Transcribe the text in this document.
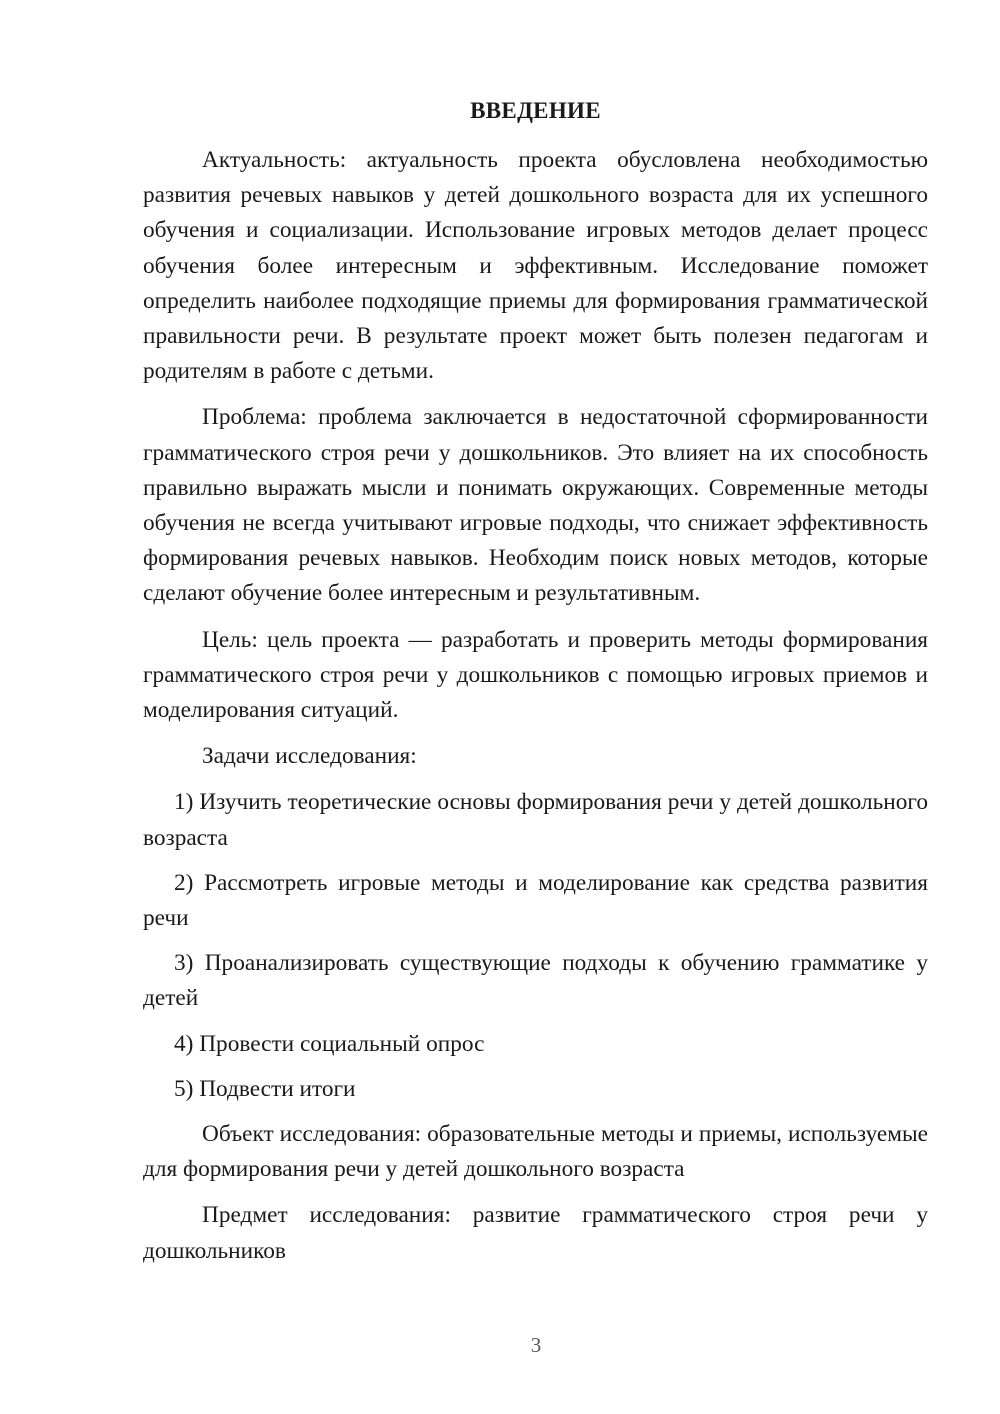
ВВЕДЕНИЕ

Актуальность: актуальность проекта обусловлена необходимостью развития речевых навыков у детей дошкольного возраста для их успешного обучения и социализации. Использование игровых методов делает процесс обучения более интересным и эффективным. Исследование поможет определить наиболее подходящие приемы для формирования грамматической правильности речи. В результате проект может быть полезен педагогам и родителям в работе с детьми.

Проблема: проблема заключается в недостаточной сформированности грамматического строя речи у дошкольников. Это влияет на их способность правильно выражать мысли и понимать окружающих. Современные методы обучения не всегда учитывают игровые подходы, что снижает эффективность формирования речевых навыков. Необходим поиск новых методов, которые сделают обучение более интересным и результативным.

Цель: цель проекта — разработать и проверить методы формирования грамматического строя речи у дошкольников с помощью игровых приемов и моделирования ситуаций.

Задачи исследования:

1) Изучить теоретические основы формирования речи у детей дошкольного возраста

2) Рассмотреть игровые методы и моделирование как средства развития речи

3) Проанализировать существующие подходы к обучению грамматике у детей

4) Провести социальный опрос

5) Подвести итоги

Объект исследования: образовательные методы и приемы, используемые для формирования речи у детей дошкольного возраста

Предмет исследования: развитие грамматического строя речи у дошкольников

3
